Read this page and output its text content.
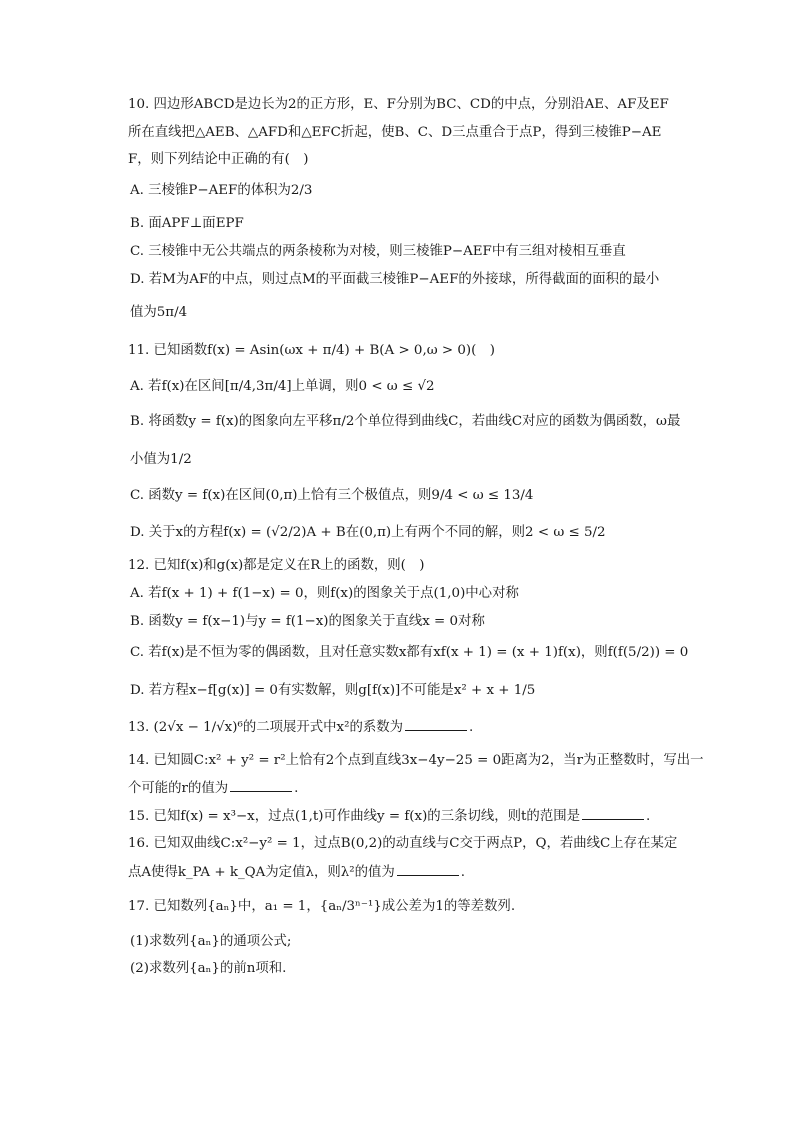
10. 四边形ABCD是边长为2的正方形，E、F分别为BC、CD的中点，分别沿AE、AF及EF
所在直线把△AEB、△AFD和△EFC折起，使B、C、D三点重合于点P，得到三棱锥P−AE
F，则下列结论中正确的有(　)
A. 三棱锥P−AEF的体积为2/3
B. 面APF⊥面EPF
C. 三棱锥中无公共端点的两条棱称为对棱，则三棱锥P−AEF中有三组对棱相互垂直
D. 若M为AF的中点，则过点M的平面截三棱锥P−AEF的外接球，所得截面的面积的最小
值为5π/4
11. 已知函数f(x) = Asin(ωx + π/4) + B(A > 0,ω > 0)(　)
A. 若f(x)在区间[π/4,3π/4]上单调，则0 < ω ≤ √2
B. 将函数y = f(x)的图象向左平移π/2个单位得到曲线C，若曲线C对应的函数为偶函数，ω最
小值为1/2
C. 函数y = f(x)在区间(0,π)上恰有三个极值点，则9/4 < ω ≤ 13/4
D. 关于x的方程f(x) = (√2/2)A + B在(0,π)上有两个不同的解，则2 < ω ≤ 5/2
12. 已知f(x)和g(x)都是定义在R上的函数，则(　)
A. 若f(x + 1) + f(1−x) = 0，则f(x)的图象关于点(1,0)中心对称
B. 函数y = f(x−1)与y = f(1−x)的图象关于直线x = 0对称
C. 若f(x)是不恒为零的偶函数，且对任意实数x都有xf(x + 1) = (x + 1)f(x)，则f(f(5/2)) = 0
D. 若方程x−f[g(x)] = 0有实数解，则g[f(x)]不可能是x² + x + 1/5
13. (2√x − 1/√x)⁶的二项展开式中x²的系数为	.
14. 已知圆C:x² + y² = r²上恰有2个点到直线3x−4y−25 = 0距离为2，当r为正整数时，写出一
个可能的r的值为	.
15. 已知f(x) = x³−x，过点(1,t)可作曲线y = f(x)的三条切线，则t的范围是	.
16. 已知双曲线C:x²−y² = 1，过点B(0,2)的动直线与C交于两点P，Q，若曲线C上存在某定
点A使得k_PA + k_QA为定值λ，则λ²的值为	.
17. 已知数列{aₙ}中，a₁ = 1，{aₙ/3ⁿ⁻¹}成公差为1的等差数列.
(1)求数列{aₙ}的通项公式;
(2)求数列{aₙ}的前n项和.
